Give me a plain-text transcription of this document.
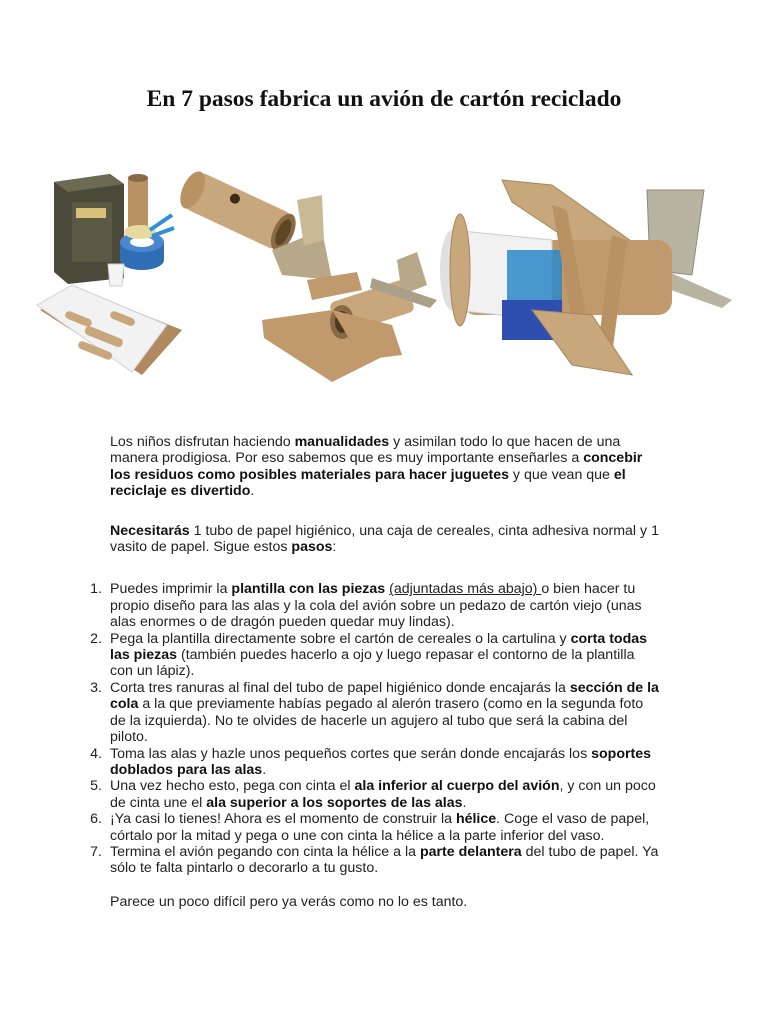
En 7 pasos fabrica un avión de cartón reciclado

Los niños disfrutan haciendo manualidades y asimilan todo lo que hacen de una manera prodigiosa. Por eso sabemos que es muy importante enseñarles a concebir los residuos como posibles materiales para hacer juguetes y que vean que el reciclaje es divertido.

Necesitarás 1 tubo de papel higiénico, una caja de cereales, cinta adhesiva normal y 1 vasito de papel. Sigue estos pasos:

1. Puedes imprimir la plantilla con las piezas (adjuntadas más abajo) o bien hacer tu propio diseño para las alas y la cola del avión sobre un pedazo de cartón viejo (unas alas enormes o de dragón pueden quedar muy lindas).
2. Pega la plantilla directamente sobre el cartón de cereales o la cartulina y corta todas las piezas (también puedes hacerlo a ojo y luego repasar el contorno de la plantilla con un lápiz).
3. Corta tres ranuras al final del tubo de papel higiénico donde encajarás la sección de la cola a la que previamente habías pegado al alerón trasero (como en la segunda foto de la izquierda). No te olvides de hacerle un agujero al tubo que será la cabina del piloto.
4. Toma las alas y hazle unos pequeños cortes que serán donde encajarás los soportes doblados para las alas.
5. Una vez hecho esto, pega con cinta el ala inferior al cuerpo del avión, y con un poco de cinta une el ala superior a los soportes de las alas.
6. ¡Ya casi lo tienes! Ahora es el momento de construir la hélice. Coge el vaso de papel, córtalo por la mitad y pega o une con cinta la hélice a la parte inferior del vaso.
7. Termina el avión pegando con cinta la hélice a la parte delantera del tubo de papel. Ya sólo te falta pintarlo o decorarlo a tu gusto.

Parece un poco difícil pero ya verás como no lo es tanto.
